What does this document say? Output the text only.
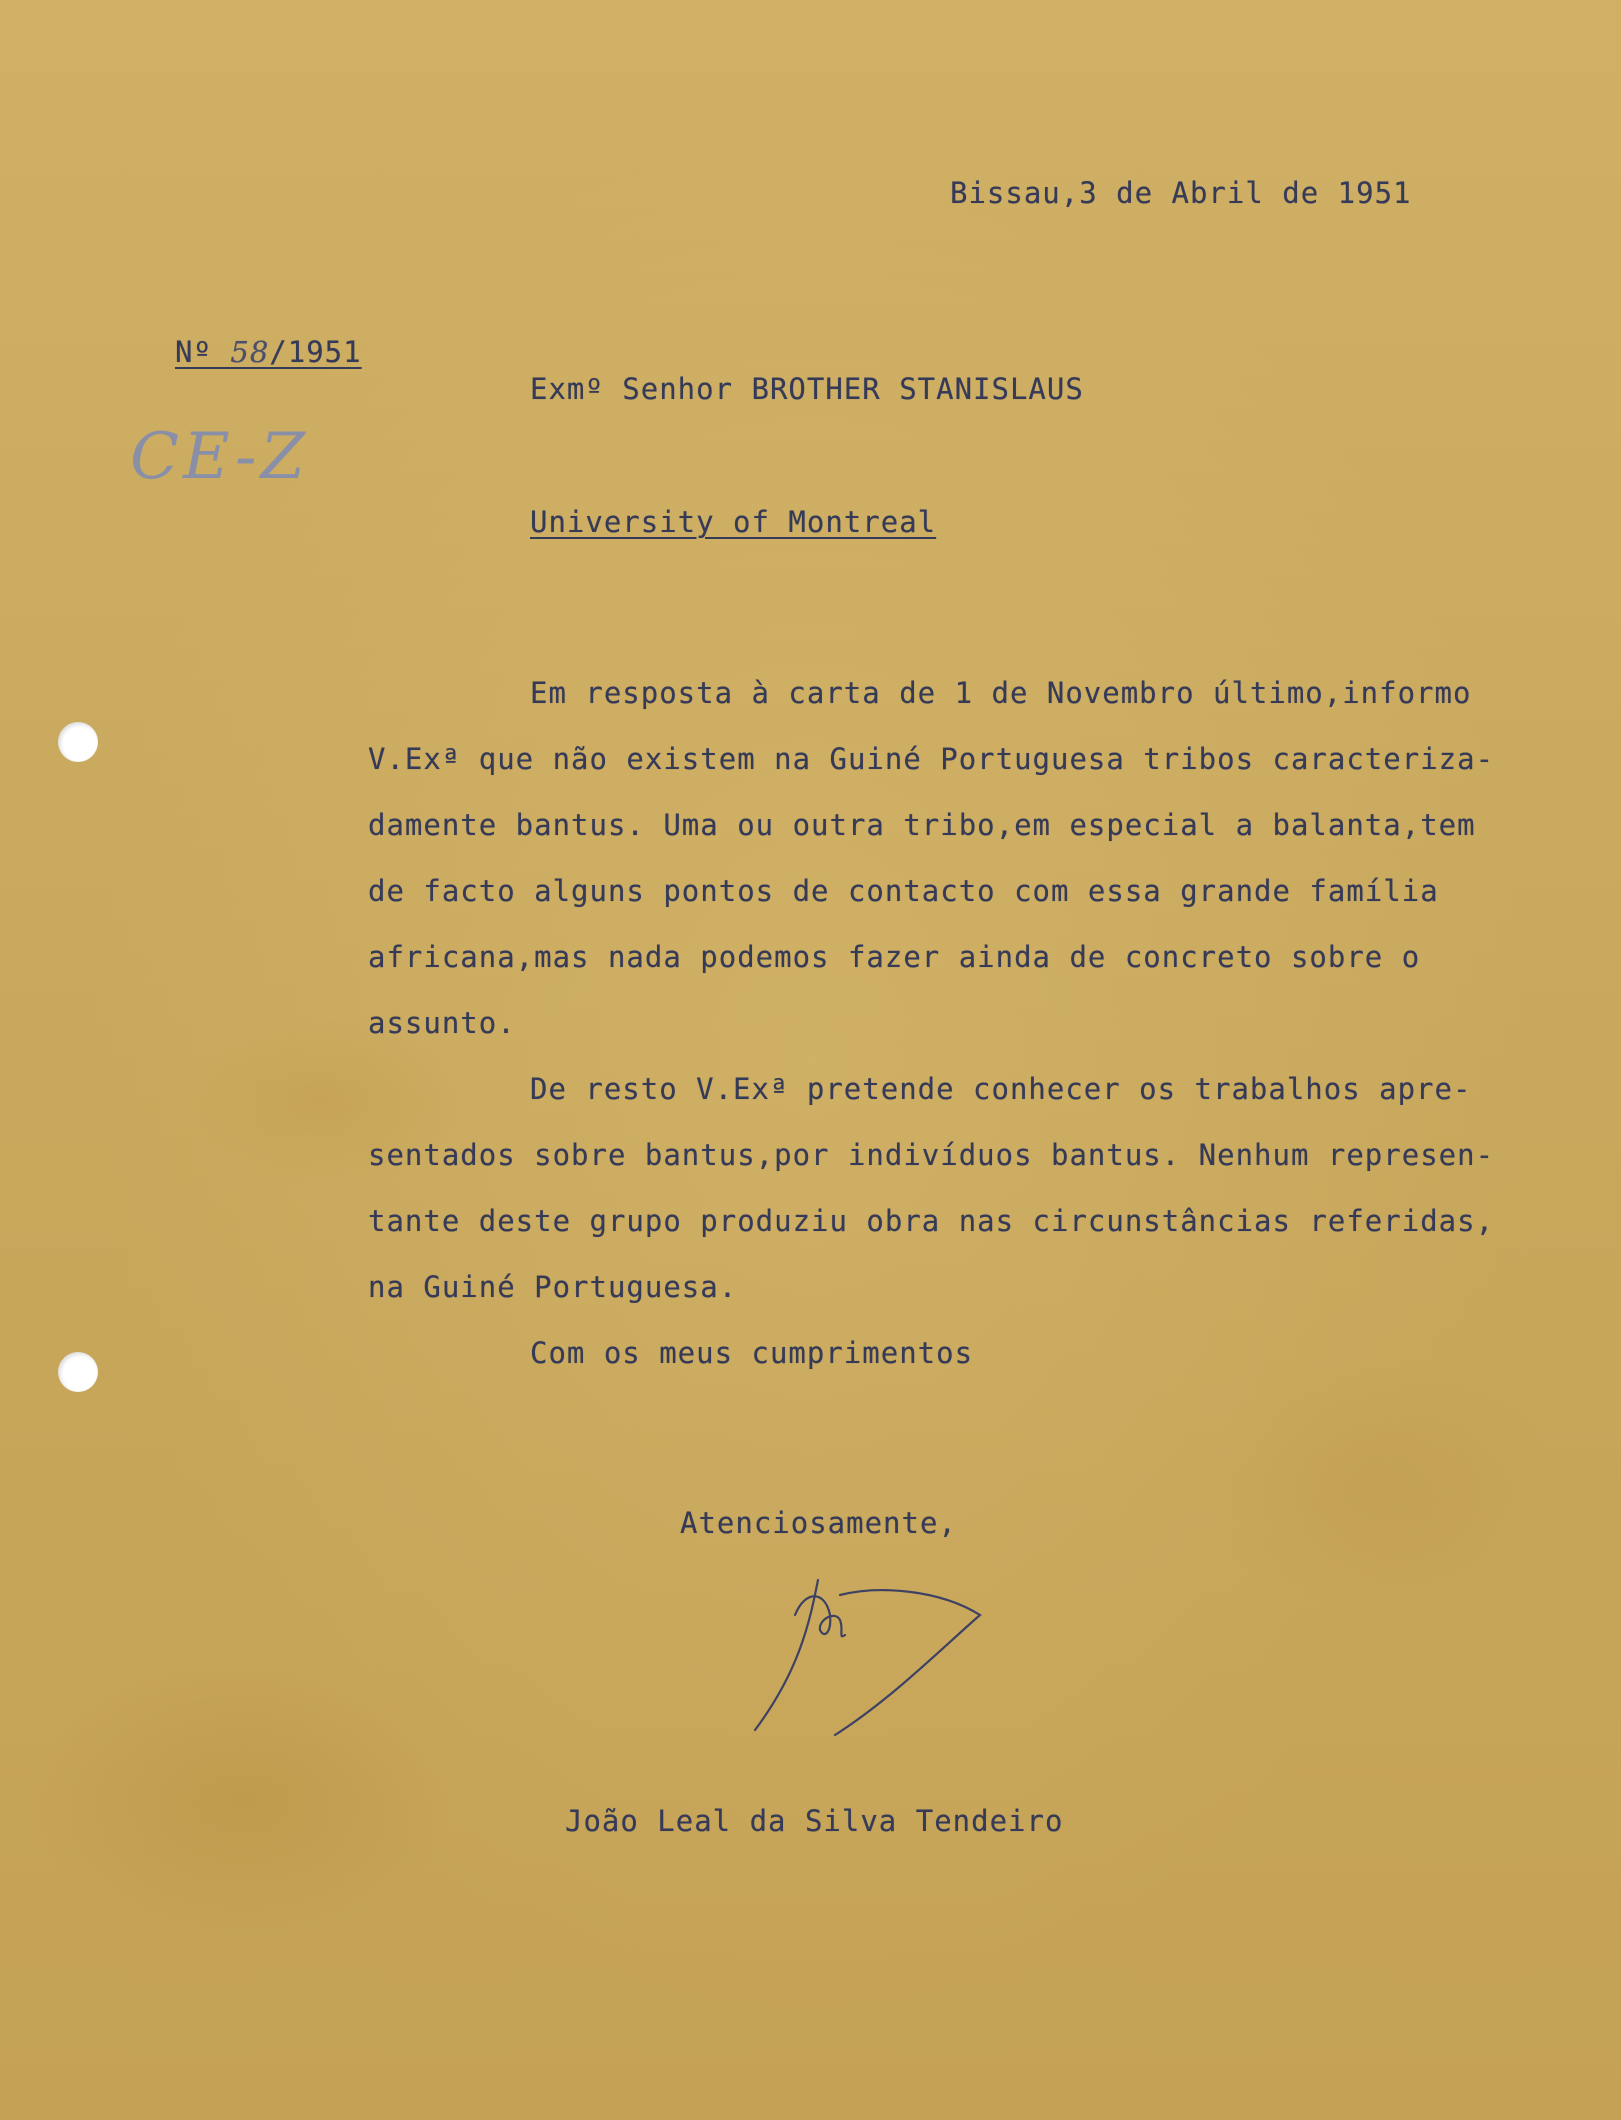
Bissau,3 de Abril de 1951
Nº 58/1951
CE-Z
Exmº Senhor BROTHER STANISLAUS
University of Montreal
Em resposta à carta de 1 de Novembro último,informo
V.Exª que não existem na Guiné Portuguesa tribos caracteriza-
damente bantus. Uma ou outra tribo,em especial a balanta,tem
de facto alguns pontos de contacto com essa grande família
africana,mas nada podemos fazer ainda de concreto sobre o
assunto.
De resto V.Exª pretende conhecer os trabalhos apre-
sentados sobre bantus,por indivíduos bantus. Nenhum represen-
tante deste grupo produziu obra nas circunstâncias referidas,
na Guiné Portuguesa.
Com os meus cumprimentos
Atenciosamente,
João Leal da Silva Tendeiro
